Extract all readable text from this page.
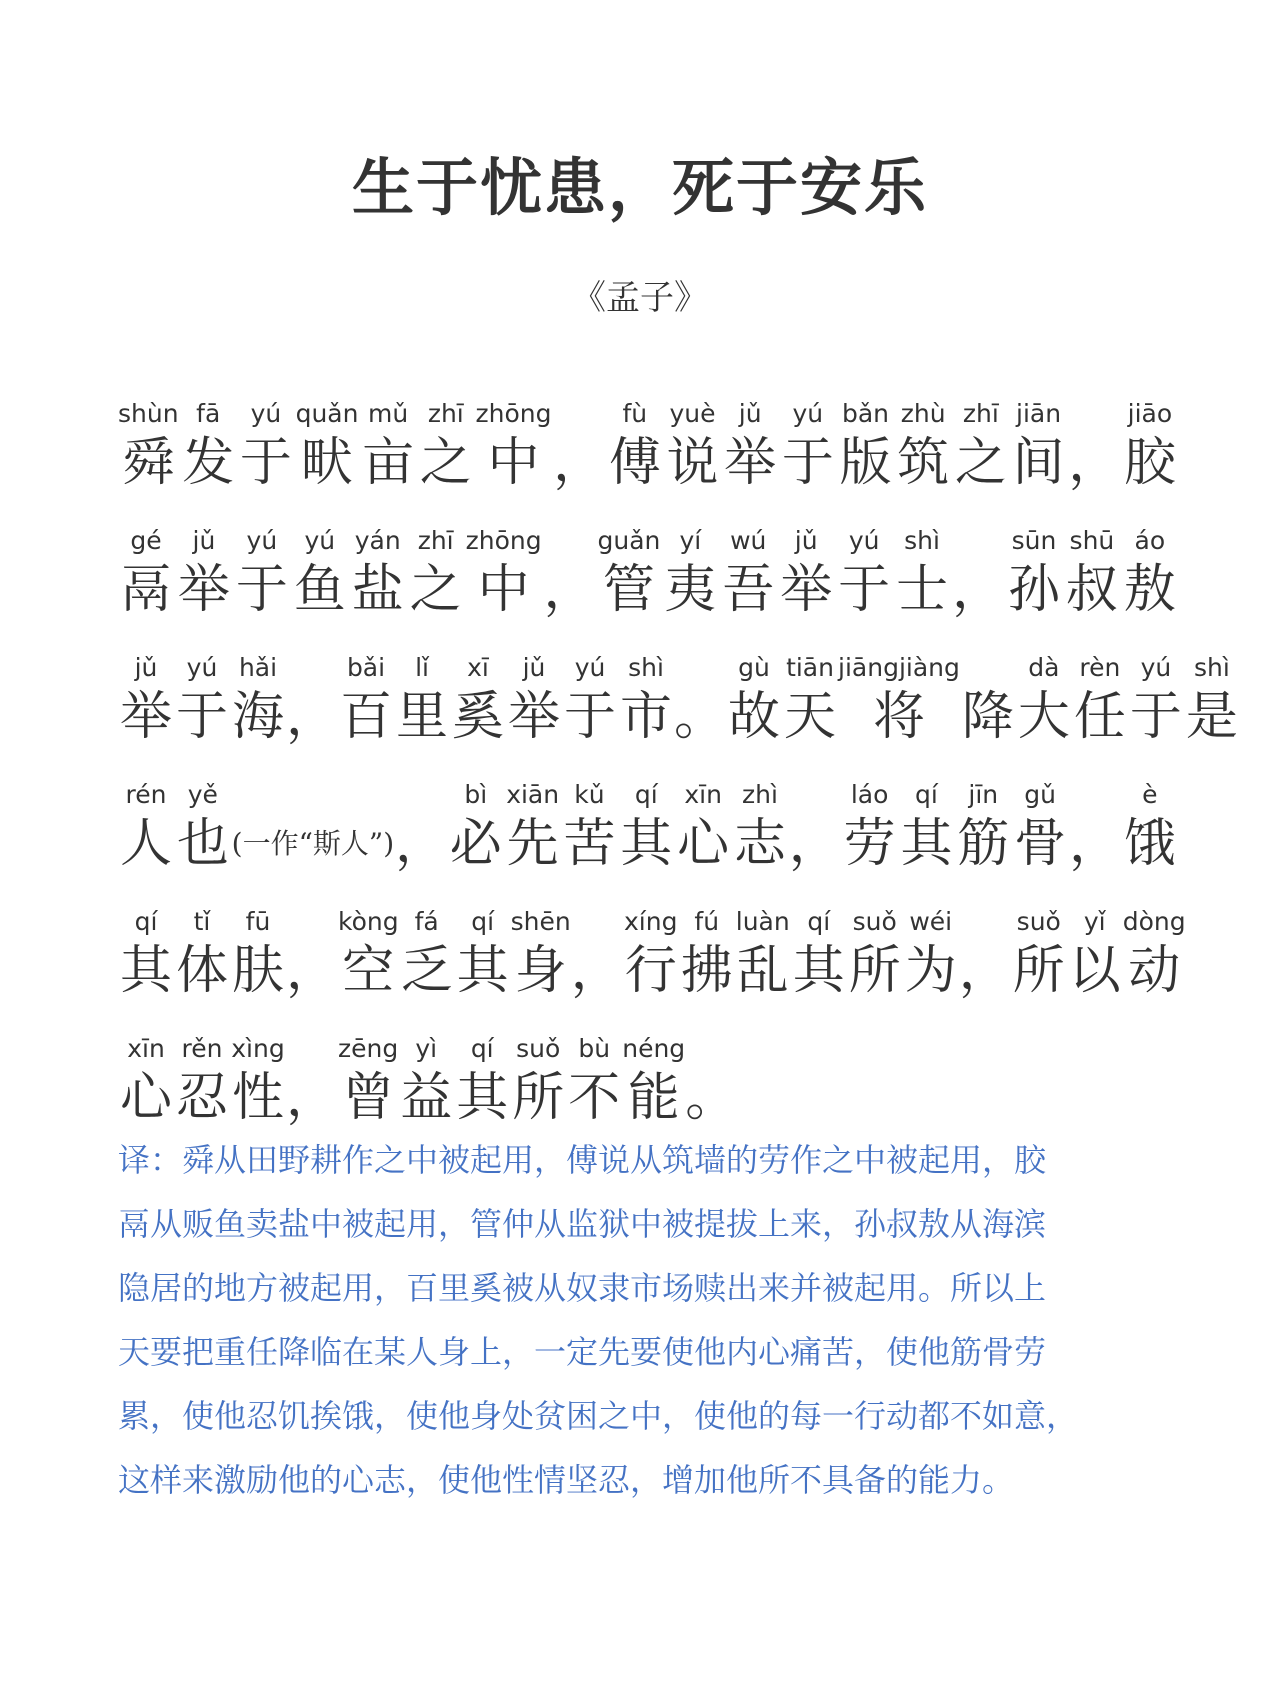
生于忧患，死于安乐
《孟子》
shùn
舜
fā
发
yú
于
quǎn
畎
mǔ
亩
zhī
之
zhōng
中
，
fù
傅
yuè
说
jǔ
举
yú
于
bǎn
版
zhù
筑
zhī
之
jiān
间
，
jiāo
胶
gé
鬲
jǔ
举
yú
于
yú
鱼
yán
盐
zhī
之
zhōng
中
，
guǎn
管
yí
夷
wú
吾
jǔ
举
yú
于
shì
士
，
sūn
孙
shū
叔
áo
敖
jǔ
举
yú
于
hǎi
海
，
bǎi
百
lǐ
里
xī
奚
jǔ
举
yú
于
shì
市
。
gù
故
tiān
天
jiāngjiàng
将
降
dà
大
rèn
任
yú
于
shì
是
rén
人
yě
也
(一作“斯人”)
，
bì
必
xiān
先
kǔ
苦
qí
其
xīn
心
zhì
志
，
láo
劳
qí
其
jīn
筋
gǔ
骨
，
è
饿
qí
其
tǐ
体
fū
肤
，
kòng
空
fá
乏
qí
其
shēn
身
，
xíng
行
fú
拂
luàn
乱
qí
其
suǒ
所
wéi
为
，
suǒ
所
yǐ
以
dòng
动
xīn
心
rěn
忍
xìng
性
，
zēng
曾
yì
益
qí
其
suǒ
所
bù
不
néng
能
。

译：舜从田野耕作之中被起用，傅说从筑墙的劳作之中被起用，胶

鬲从贩鱼卖盐中被起用，管仲从监狱中被提拔上来，孙叔敖从海滨

隐居的地方被起用，百里奚被从奴隶市场赎出来并被起用。所以上

天要把重任降临在某人身上，一定先要使他内心痛苦，使他筋骨劳

累，使他忍饥挨饿，使他身处贫困之中，使他的每一行动都不如意，

这样来激励他的心志，使他性情坚忍，增加他所不具备的能力。
